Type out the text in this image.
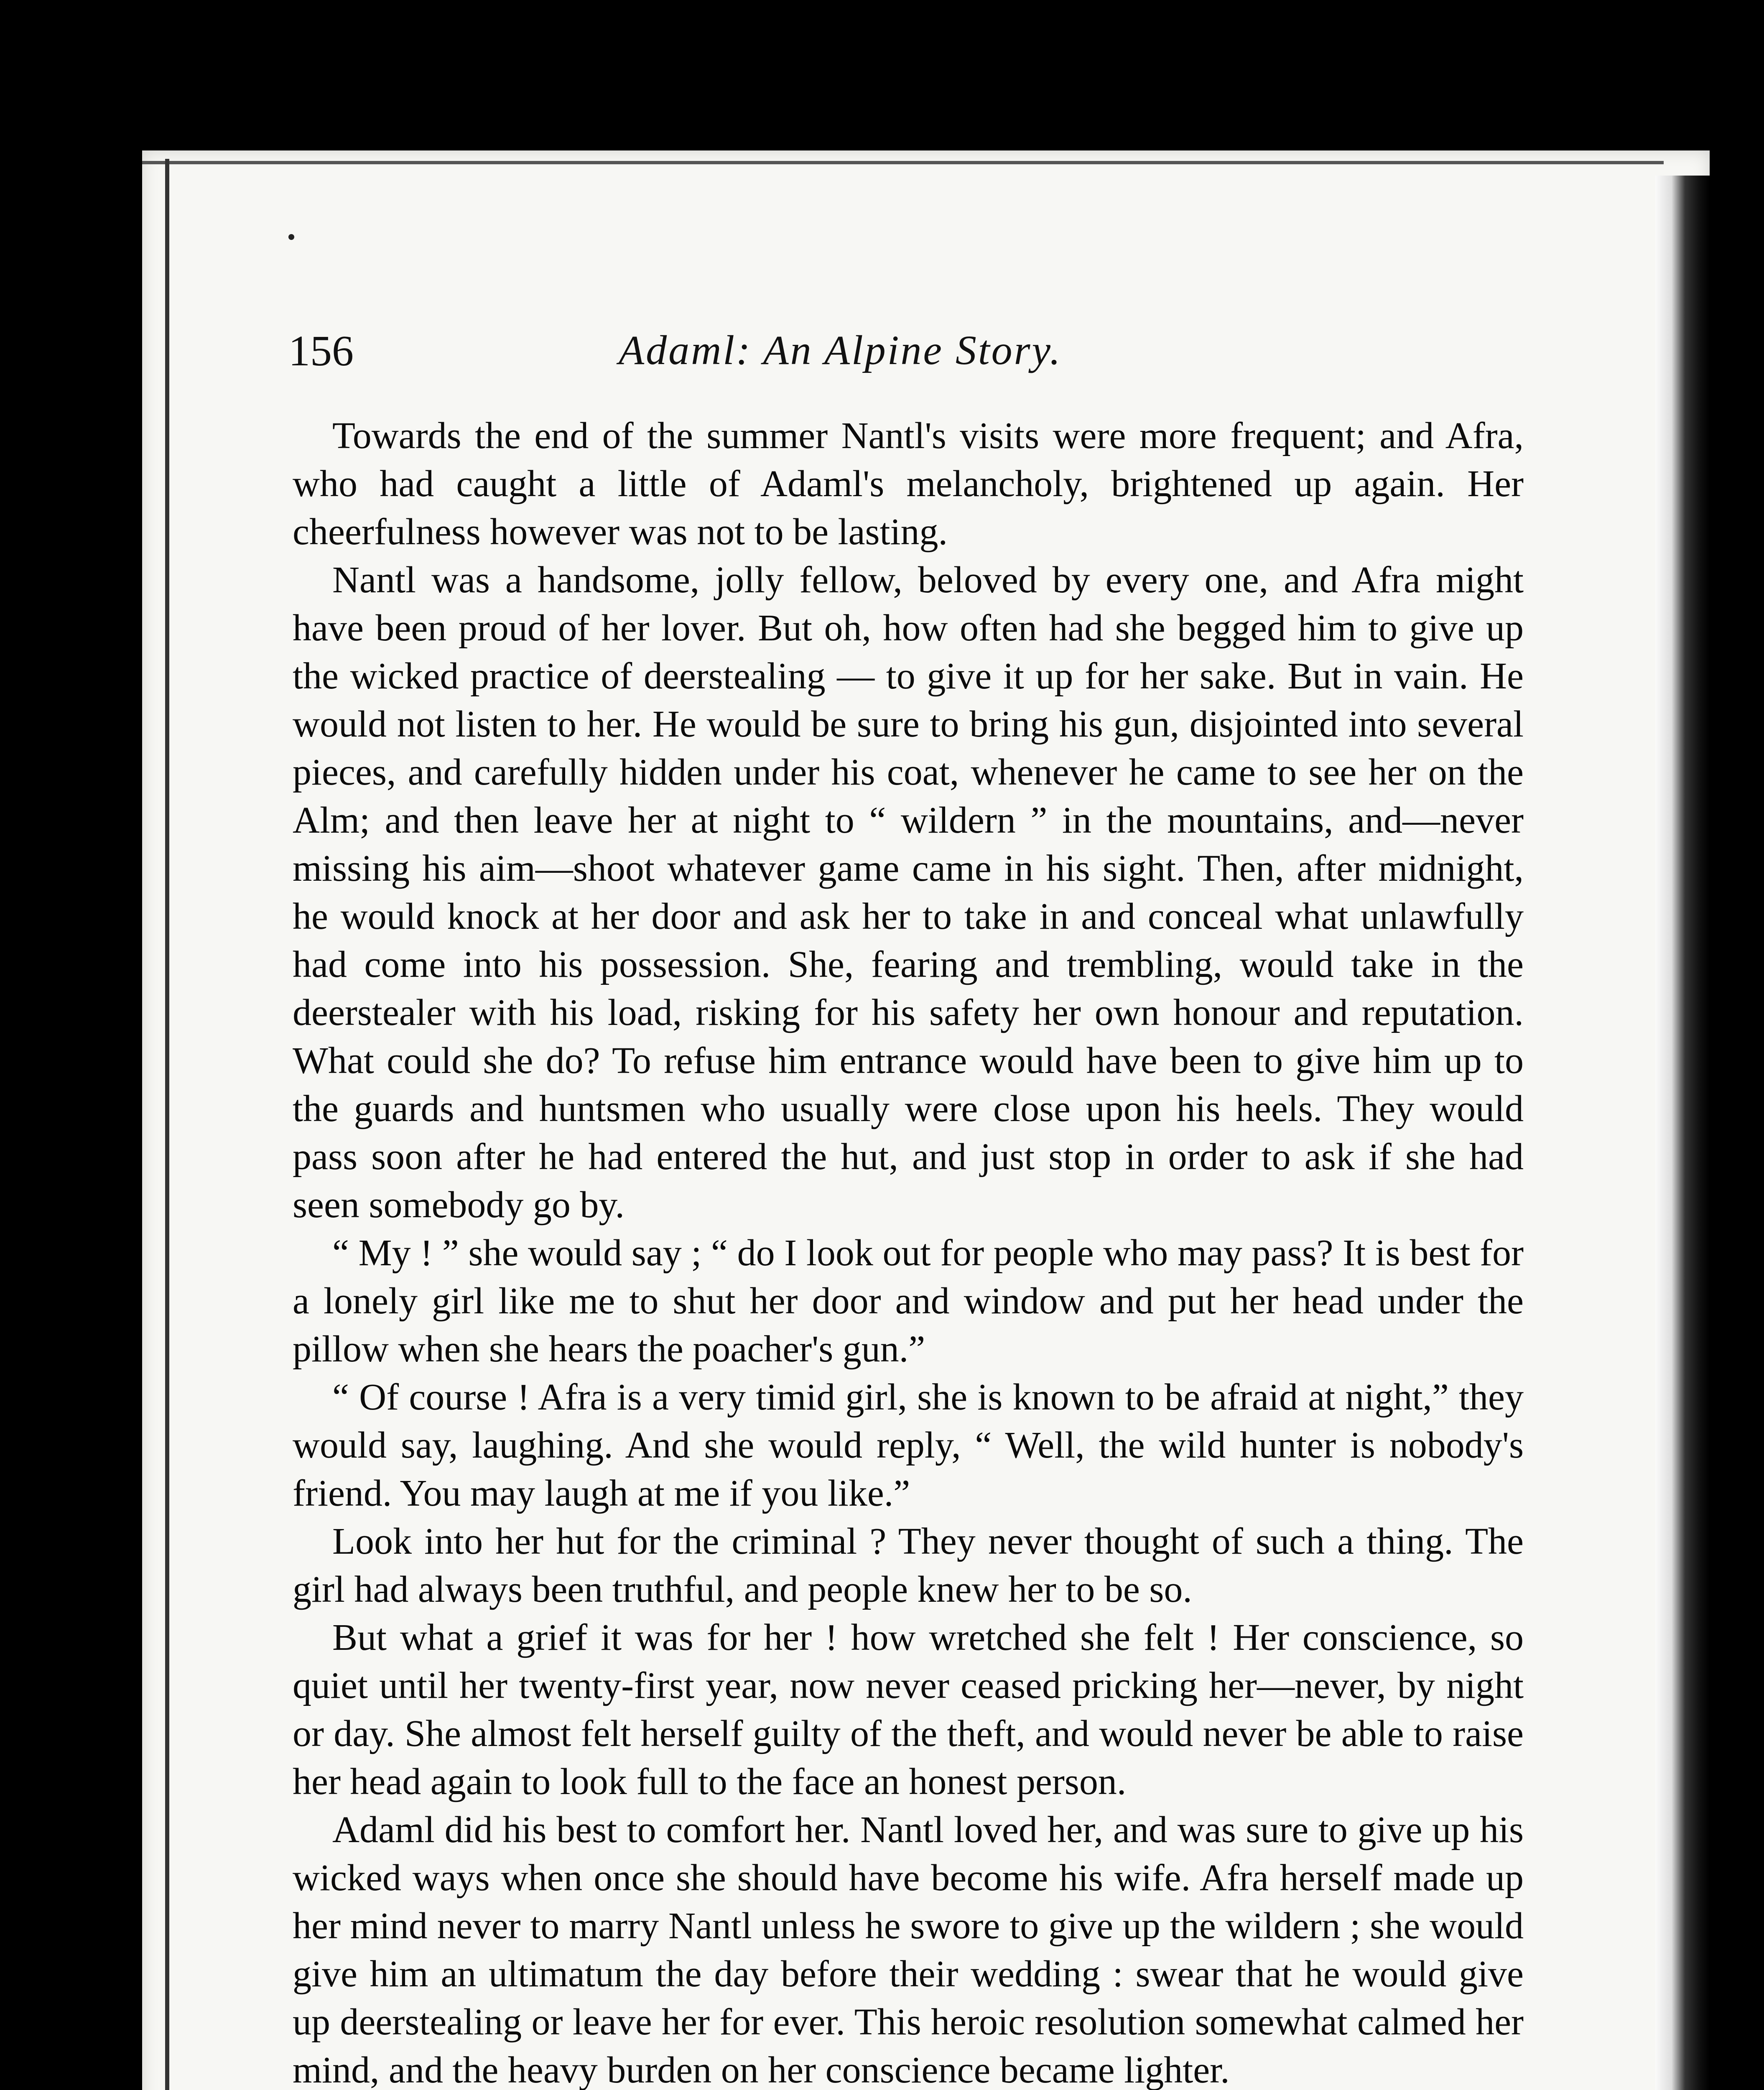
156	Adaml: An Alpine Story.

Towards the end of the summer Nantl's visits were more frequent; and Afra, who had caught a little of Adaml's melancholy, brightened up again. Her cheerfulness however was not to be lasting.

Nantl was a handsome, jolly fellow, beloved by every one, and Afra might have been proud of her lover. But oh, how often had she begged him to give up the wicked practice of deerstealing — to give it up for her sake. But in vain. He would not listen to her. He would be sure to bring his gun, disjointed into several pieces, and carefully hidden under his coat, whenever he came to see her on the Alm; and then leave her at night to “ wildern ” in the mountains, and—never missing his aim—shoot whatever game came in his sight. Then, after midnight, he would knock at her door and ask her to take in and conceal what unlawfully had come into his possession. She, fearing and trembling, would take in the deerstealer with his load, risking for his safety her own honour and reputation. What could she do? To refuse him entrance would have been to give him up to the guards and huntsmen who usually were close upon his heels. They would pass soon after he had entered the hut, and just stop in order to ask if she had seen somebody go by.

“ My ! ” she would say ; “ do I look out for people who may pass? It is best for a lonely girl like me to shut her door and window and put her head under the pillow when she hears the poacher's gun.”

“ Of course ! Afra is a very timid girl, she is known to be afraid at night,” they would say, laughing. And she would reply, “ Well, the wild hunter is nobody's friend. You may laugh at me if you like.”

Look into her hut for the criminal ? They never thought of such a thing. The girl had always been truthful, and people knew her to be so.

But what a grief it was for her ! how wretched she felt ! Her conscience, so quiet until her twenty-first year, now never ceased pricking her—never, by night or day. She almost felt herself guilty of the theft, and would never be able to raise her head again to look full to the face an honest person.

Adaml did his best to comfort her. Nantl loved her, and was sure to give up his wicked ways when once she should have become his wife. Afra herself made up her mind never to marry Nantl unless he swore to give up the wildern ; she would give him an ultimatum the day before their wedding : swear that he would give up deerstealing or leave her for ever. This heroic resolution somewhat calmed her mind, and the heavy burden on her conscience became lighter.
